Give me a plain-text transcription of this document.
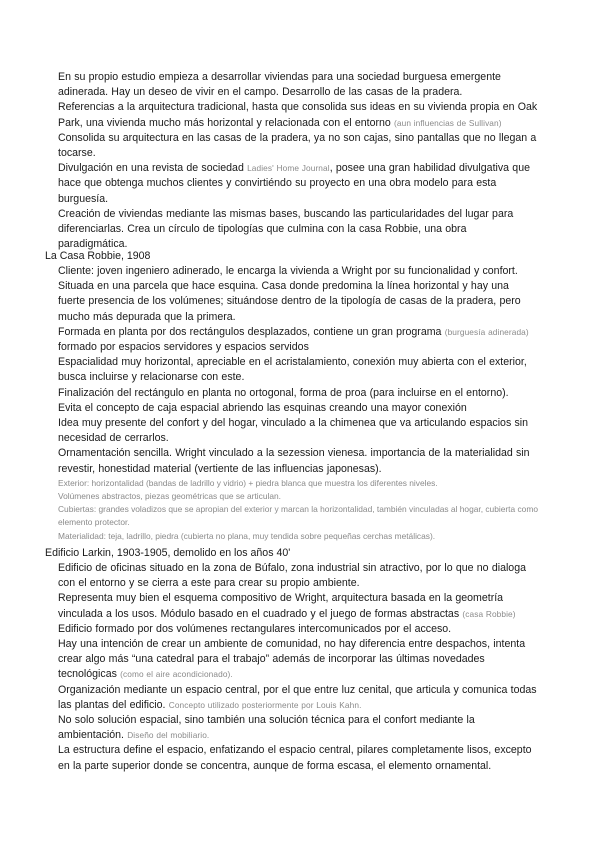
En su propio estudio empieza a desarrollar viviendas para una sociedad burguesa emergente adinerada. Hay un deseo de vivir en el campo. Desarrollo de las casas de la pradera.

Referencias a la arquitectura tradicional, hasta que consolida sus ideas en su vivienda propia en Oak Park, una vivienda mucho más horizontal y relacionada con el entorno (aun influencias de Sullivan)

Consolida su arquitectura en las casas de la pradera, ya no son cajas, sino pantallas que no llegan a tocarse.

Divulgación en una revista de sociedad Ladies' Home Journal, posee una gran habilidad divulgativa que hace que obtenga muchos clientes y convirtiéndo su proyecto en una obra modelo para esta burguesía.

Creación de viviendas mediante las mismas bases, buscando las particularidades del lugar para diferenciarlas. Crea un círculo de tipologías que culmina con la casa Robbie, una obra paradigmática.

La Casa Robbie, 1908

Cliente: joven ingeniero adinerado, le encarga la vivienda a Wright por su funcionalidad y confort.

Situada en una parcela que hace esquina. Casa donde predomina la línea horizontal y hay una fuerte presencia de los volúmenes; situándose dentro de la tipología de casas de la pradera, pero mucho más depurada que la primera.

Formada en planta por dos rectángulos desplazados, contiene un gran programa (burguesía adinerada) formado por espacios servidores y espacios servidos

Espacialidad muy horizontal, apreciable en el acristalamiento, conexión muy abierta con el exterior, busca incluirse y relacionarse con este.

Finalización del rectángulo en planta no ortogonal, forma de proa (para incluirse en el entorno).

Evita el concepto de caja espacial abriendo las esquinas creando una mayor conexión

Idea muy presente del confort y del hogar, vinculado a la chimenea que va articulando espacios sin necesidad de cerrarlos.

Ornamentación sencilla. Wright vinculado a la sezession vienesa. importancia de la materialidad sin revestir, honestidad material (vertiente de las influencias japonesas).

Exterior: horizontalidad (bandas de ladrillo y vidrio) + piedra blanca que muestra los diferentes niveles.

Volúmenes abstractos, piezas geométricas que se articulan.

Cubiertas: grandes voladizos que se apropian del exterior y marcan la horizontalidad, también vinculadas al hogar, cubierta como elemento protector.

Materialidad: teja, ladrillo, piedra (cubierta no plana, muy tendida sobre pequeñas cerchas metálicas).

Edificio Larkin, 1903-1905, demolido en los años 40'

Edificio de oficinas situado en la zona de Búfalo, zona industrial sin atractivo, por lo que no dialoga con el entorno y se cierra a este para crear su propio ambiente.

Representa muy bien el esquema compositivo de Wright, arquitectura basada en la geometría vinculada a los usos. Módulo basado en el cuadrado y el juego de formas abstractas (casa Robbie)

Edificio formado por dos volúmenes rectangulares intercomunicados por el acceso.

Hay una intención de crear un ambiente de comunidad, no hay diferencia entre despachos, intenta crear algo más “una catedral para el trabajo” además de incorporar las últimas novedades tecnológicas (como el aire acondicionado).

Organización mediante un espacio central, por el que entre luz cenital, que articula y comunica todas las plantas del edificio. Concepto utilizado posteriormente por Louis Kahn.

No solo solución espacial, sino también una solución técnica para el confort mediante la ambientación. Diseño del mobiliario.

La estructura define el espacio, enfatizando el espacio central, pilares completamente lisos, excepto en la parte superior donde se concentra, aunque de forma escasa, el elemento ornamental.
